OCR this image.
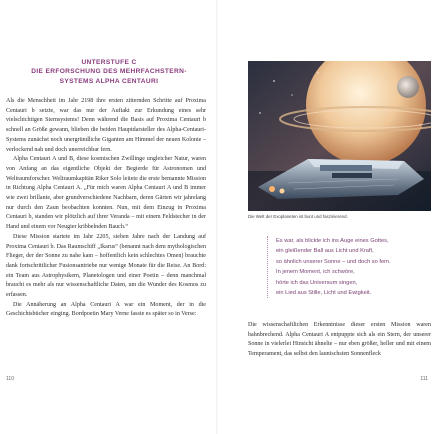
UNTERSTUFE C
DIE ERFORSCHUNG DES MEHRFACHSTERN-
SYSTEMS ALPHA CENTAURI

Als die Menschheit im Jahr 2198 ihre ersten zitternden Schritte auf Proxima Centauri b setzte, war das nur der Auftakt zur Erkundung eines sehr vielschichtigen Sternsystems! Denn während die Basis auf Proxima Centauri b schnell an Größe gewann, blieben die beiden Hauptdarsteller des Alpha-Centauri-Systems zunächst noch unergründliche Giganten am Himmel der neuen Kolonie – verlockend nah und doch unerreichbar fern.

Alpha Centauri A und B, diese kosmischen Zwillinge ungleicher Natur, waren von Anfang an das eigentliche Objekt der Begierde für Astronomen und Weltraumforscher. Weltraumkapitän Riker Solo leitete die erste bemannte Mission in Richtung Alpha Centauri A. „Für mich waren Alpha Centauri A und B immer wie zwei brillante, aber grundverschiedene Nachbarn, deren Gärten wir jahrelang nur durch den Zaun beobachten konnten. Nun, mit dem Einzug in Proxima Centauri b, standen wir plötzlich auf ihrer Veranda – mit einem Feldstecher in der Hand und einem vor Neugier kribbelnden Bauch.“

Diese Mission startete im Jahr 2205, sieben Jahre nach der Landung auf Proxima Centauri b. Das Raumschiff „Ikarus“ (benannt nach dem mythologischen Flieger, der der Sonne zu nahe kam – hoffentlich kein schlechtes Omen) brauchte dank fortschrittlicher Fusionsantriebe nur wenige Monate für die Reise. An Bord: ein Team aus Astrophysikern, Planetologen und einer Poetin – denn manchmal braucht es mehr als nur wissenschaftliche Daten, um die Wunder des Kosmos zu erfassen.

Die Annäherung an Alpha Centauri A war ein Moment, der in die Geschichtsbücher einging. Bordpoetin Mary Verne fasste es später so in Verse:

110
Die Welt der Exoplaneten ist bunt und faszinierend.
Es war, als blickte ich ins Auge eines Gottes,
ein gleißender Ball aus Licht und Kraft,
so ähnlich unserer Sonne – und doch so fern.
In jenem Moment, ich schwöre,
hörte ich das Universum singen,
ein Lied aus Stille, Licht und Ewigkeit.

Die wissenschaftlichen Erkenntnisse dieser ersten Mission waren bahnbrechend. Alpha Centauri A entpuppte sich als ein Stern, der unserer Sonne in vielerlei Hinsicht ähnelte – nur eben größer, heller und mit einem Temperament, das selbst den launischsten Sonnenfleck

111
